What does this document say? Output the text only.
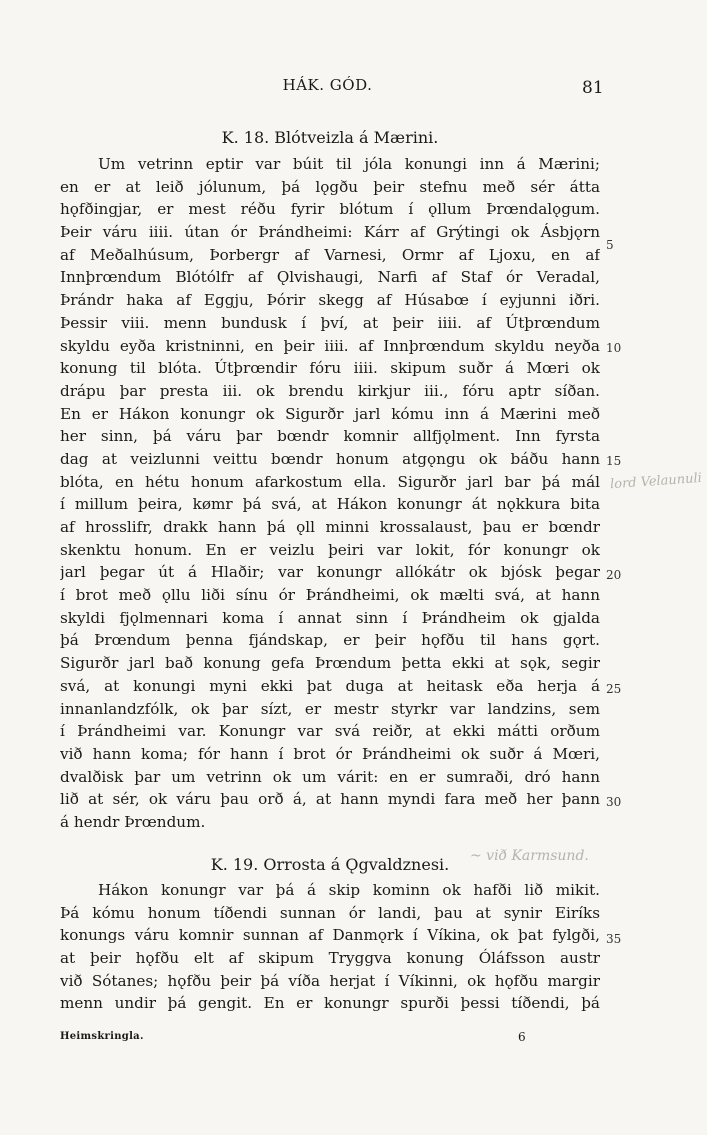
HÁK. GÓD.	81
K. 18. Blótveizla á Mærini.
Um vetrinn eptir var búit til jóla konungi inn á Mærini;
en er at leið jólunum, þá lǫgðu þeir stefnu með sér átta
hǫfðingjar, er mest réðu fyrir blótum í ǫllum Þrœndalǫgum.
Þeir váru iiii. útan ór Þrándheimi: Kárr af Grýtingi ok Ásbjǫrn
af Meðalhúsum, Þorbergr af Varnesi, Ormr af Ljoxu, en af
Innþrœndum Blótólfr af Ǫlvishaugi, Narfi af Staf ór Veradal,
Þrándr haka af Eggju, Þórir skegg af Húsabœ í eyjunni iðri.
Þessir viii. menn bundusk í því, at þeir iiii. af Útþrœndum
skyldu eyða kristninni, en þeir iiii. af Innþrœndum skyldu neyða
konung til blóta. Útþrœndir fóru iiii. skipum suðr á Mœri ok
drápu þar presta iii. ok brendu kirkjur iii., fóru aptr síðan.
En er Hákon konungr ok Sigurðr jarl kómu inn á Mærini með
her sinn, þá váru þar bœndr komnir allfjǫlment. Inn fyrsta
dag at veizlunni veittu bœndr honum atgǫngu ok báðu hann
blóta, en hétu honum afarkostum ella. Sigurðr jarl bar þá mál
í millum þeira, kømr þá svá, at Hákon konungr át nǫkkura bita
af hrosslifr, drakk hann þá ǫll minni krossalaust, þau er bœndr
skenktu honum. En er veizlu þeiri var lokit, fór konungr ok
jarl þegar út á Hlaðir; var konungr allókátr ok bjósk þegar
í brot með ǫllu liði sínu ór Þrándheimi, ok mælti svá, at hann
skyldi fjǫlmennari koma í annat sinn í Þrándheim ok gjalda
þá Þrœndum þenna fjándskap, er þeir hǫfðu til hans gǫrt.
Sigurðr jarl bað konung gefa Þrœndum þetta ekki at sǫk, segir
svá, at konungi myni ekki þat duga at heitask eða herja á
innanlandzfólk, ok þar sízt, er mestr styrkr var landzins, sem
í Þrándheimi var. Konungr var svá reiðr, at ekki mátti orðum
við hann koma; fór hann í brot ór Þrándheimi ok suðr á Mœri,
dvalðisk þar um vetrinn ok um várit: en er sumraði, dró hann
lið at sér, ok váru þau orð á, at hann myndi fara með her þann
á hendr Þrœndum.
5
10
15
20
25
30
lord Velaunuli
K. 19. Orrosta á Ǫgvaldznesi.	~ við Karmsund.
Hákon konungr var þá á skip kominn ok hafði lið mikit.
Þá kómu honum tíðendi sunnan ór landi, þau at synir Eiríks
konungs váru komnir sunnan af Danmǫrk í Víkina, ok þat fylgði,
at þeir hǫfðu elt af skipum Tryggva konung Óláfsson austr
við Sótanes; hǫfðu þeir þá víða herjat í Víkinni, ok hǫfðu margir
menn undir þá gengit. En er konungr spurði þessi tíðendi, þá
35
Heimskringla.	6
